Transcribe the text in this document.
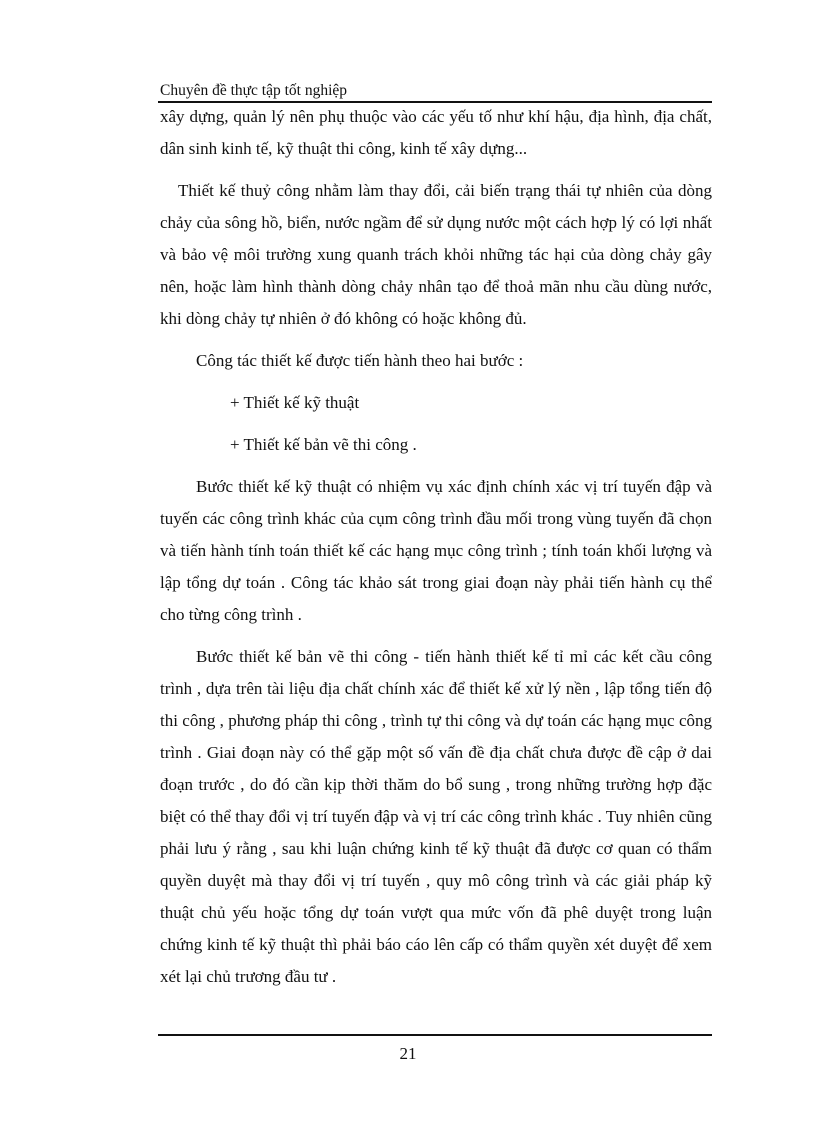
Chuyên đề thực tập tốt nghiệp

xây dựng, quản lý nên phụ thuộc vào các yếu tố như khí hậu, địa hình, địa chất, dân sinh kinh tế, kỹ thuật thi công, kinh tế xây dựng...

Thiết kế thuỷ công nhằm làm thay đổi, cải biến trạng thái tự nhiên của dòng chảy của sông hồ, biển, nước ngầm để sử dụng nước một cách hợp lý có lợi nhất và bảo vệ môi trường xung quanh trách khỏi những tác hại của dòng chảy gây nên, hoặc làm hình thành dòng chảy nhân tạo để thoả mãn nhu cầu dùng nước, khi dòng chảy tự nhiên ở đó không có hoặc không đủ.

Công tác thiết kế được tiến hành theo hai bước :

+ Thiết kế kỹ thuật

+ Thiết kế bản vẽ thi công .

Bước thiết kế kỹ thuật có nhiệm vụ xác định chính xác vị trí tuyến đập và tuyến các công trình khác của cụm công trình đầu mối trong vùng tuyến đã chọn và tiến hành tính toán thiết kế các hạng mục công trình ; tính toán khối lượng và lập tổng dự toán . Công tác khảo sát trong giai đoạn này phải tiến hành cụ thể cho từng công trình .

Bước thiết kế bản vẽ thi công - tiến hành thiết kế tỉ mỉ các kết cầu công trình , dựa trên tài liệu địa chất chính xác để thiết kế xử lý nền , lập tổng tiến độ thi công , phương pháp thi công , trình tự thi công và dự toán các hạng mục công trình . Giai đoạn này có thể gặp một số vấn đề địa chất chưa được đề cập ở dai đoạn trước , do đó cần kịp thời thăm do bổ sung , trong những trường hợp đặc biệt có thể thay đổi vị trí tuyến đập và vị trí các công trình khác . Tuy nhiên cũng phải lưu ý rằng , sau khi luận chứng kinh tế kỹ thuật đã được cơ quan có thẩm quyền duyệt mà thay đổi vị trí tuyến , quy mô công trình và các giải pháp kỹ thuật chủ yếu hoặc tổng dự toán vượt qua mức vốn đã phê duyệt trong luận chứng kinh tế kỹ thuật thì phải báo cáo lên cấp có thẩm quyền xét duyệt để xem xét lại chủ trương đầu tư .

21
